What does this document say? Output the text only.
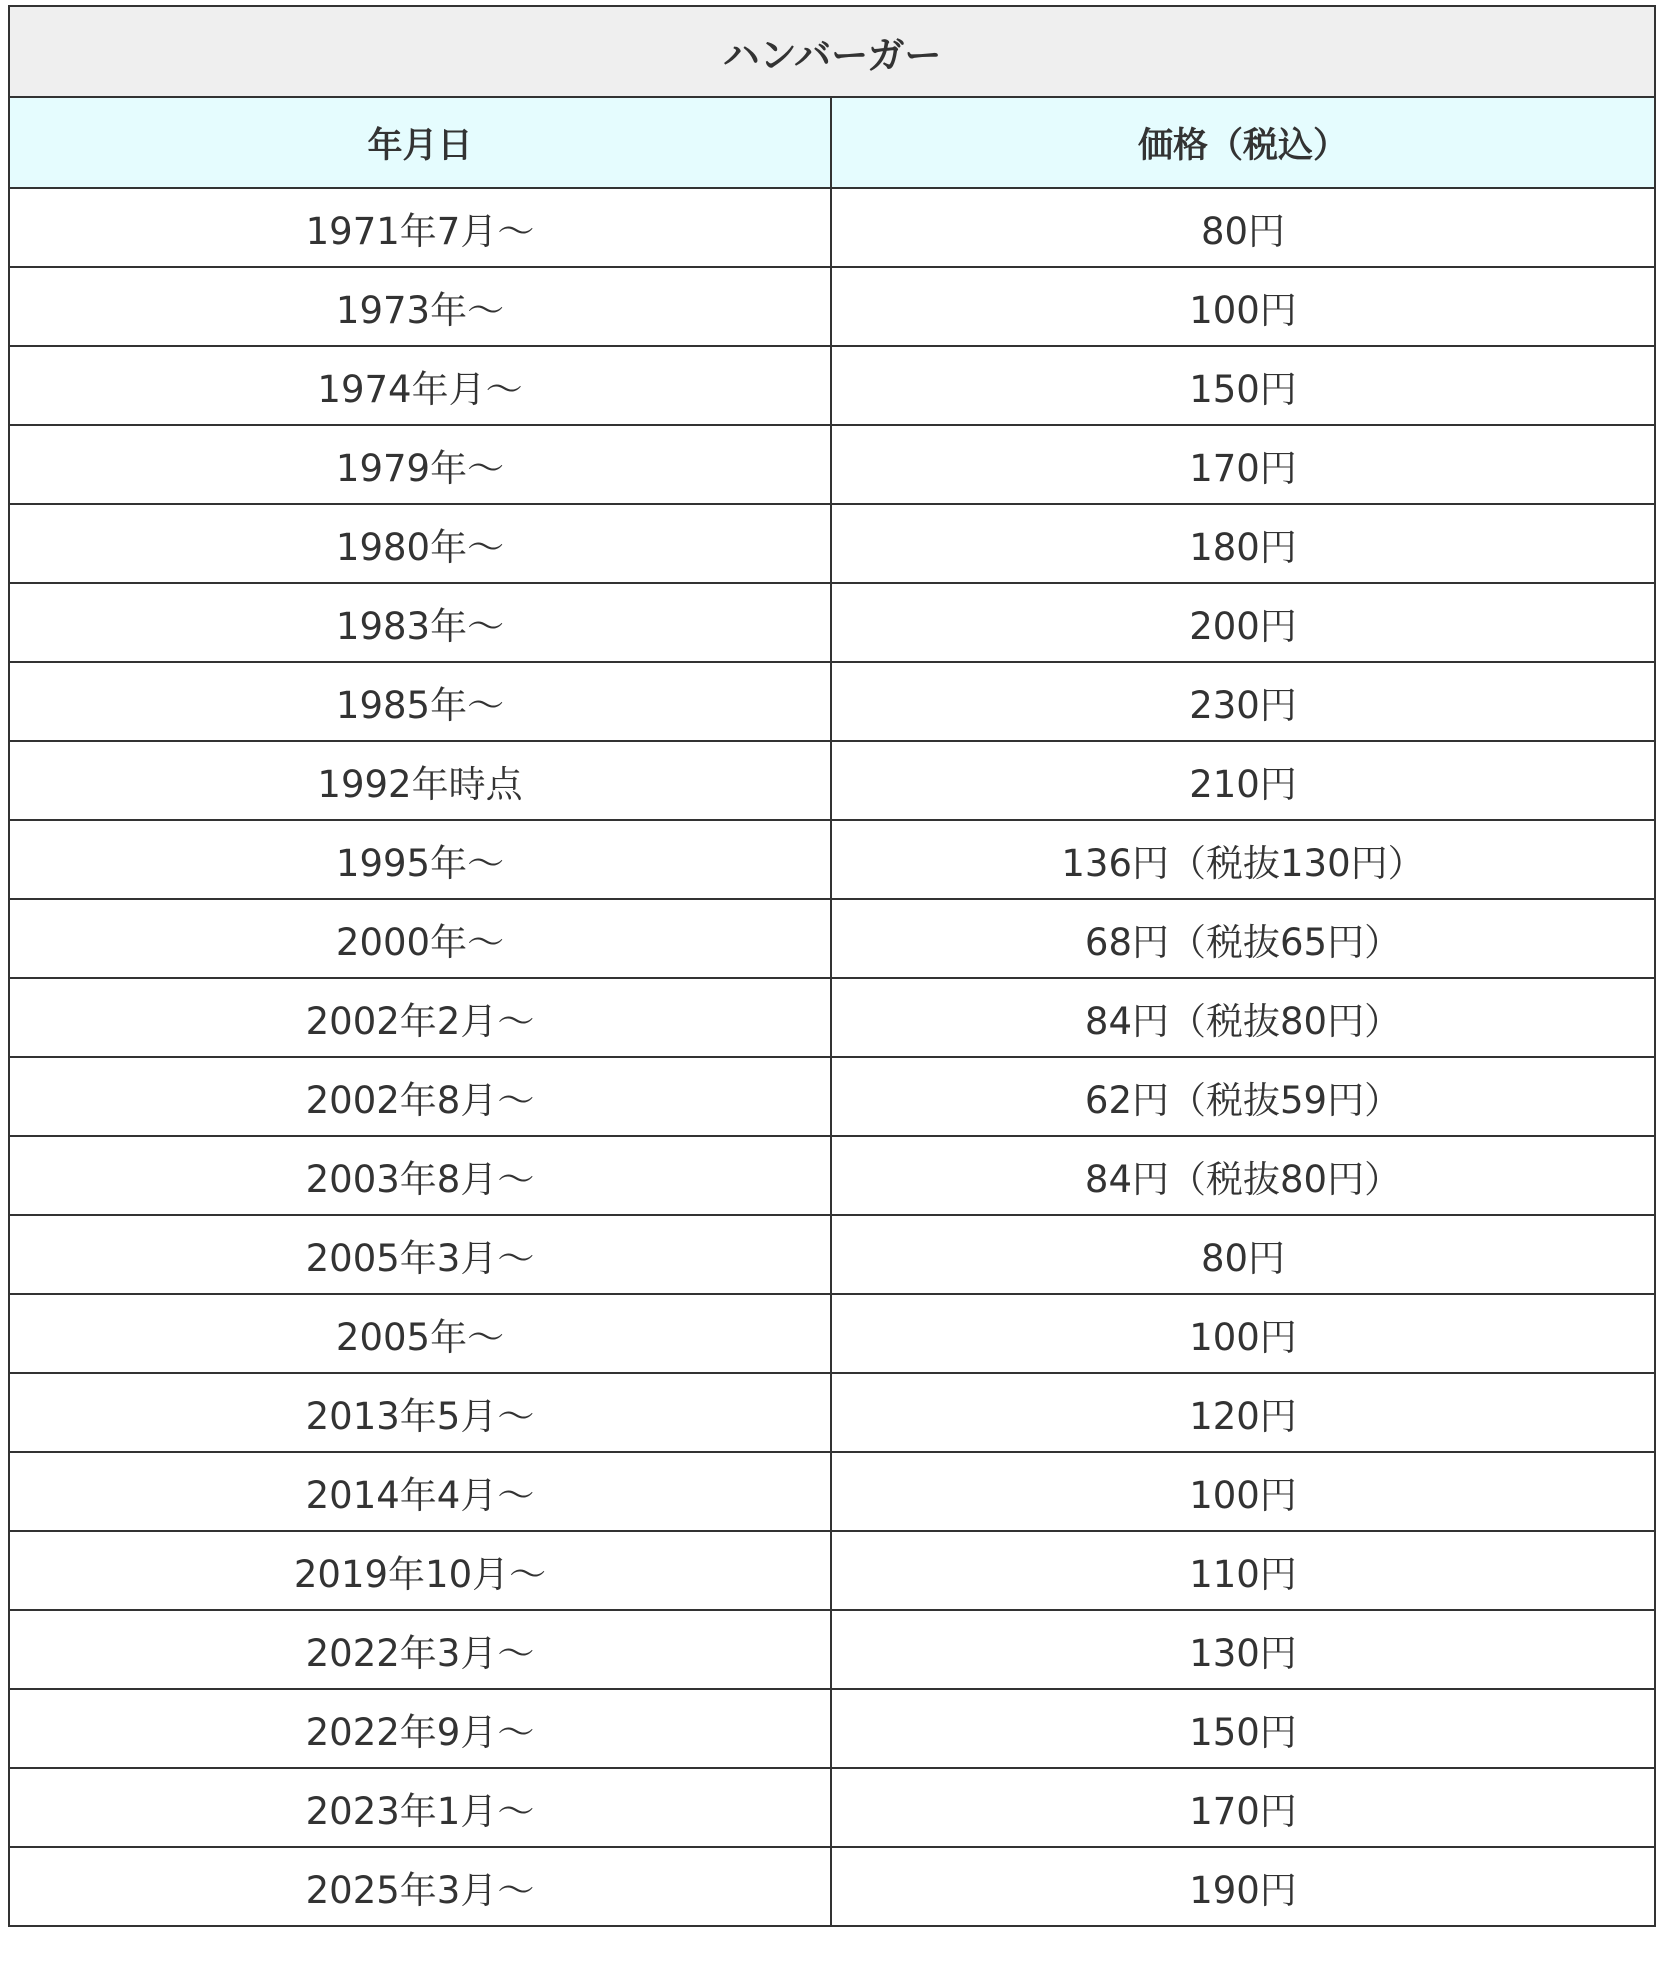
ハンバーガー	
年月日	価格（税込）
1971年7月～	80円
1973年～	100円
1974年月～	150円
1979年～	170円
1980年～	180円
1983年～	200円
1985年～	230円
1992年時点	210円
1995年～	136円（税抜130円）
2000年～	68円（税抜65円）
2002年2月～	84円（税抜80円）
2002年8月～	62円（税抜59円）
2003年8月～	84円（税抜80円）
2005年3月～	80円
2005年～	100円
2013年5月～	120円
2014年4月～	100円
2019年10月～	110円
2022年3月～	130円
2022年9月～	150円
2023年1月～	170円
2025年3月～	190円
